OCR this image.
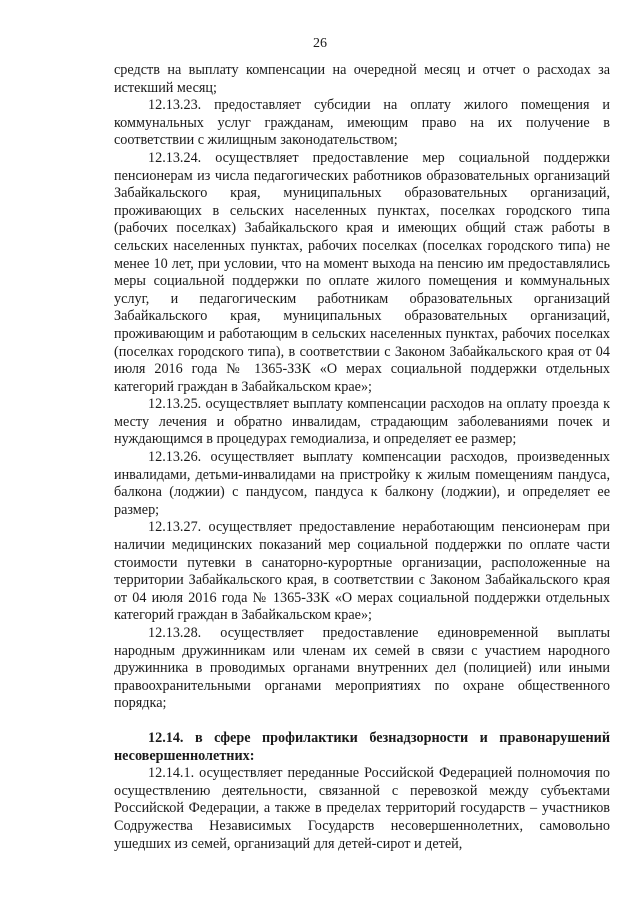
26

средств на выплату компенсации на очередной месяц и отчет о расходах за истекший месяц;

12.13.23. предоставляет субсидии на оплату жилого помещения и коммунальных услуг гражданам, имеющим право на их получение в соответствии с жилищным законодательством;

12.13.24. осуществляет предоставление мер социальной поддержки пенсионерам из числа педагогических работников образовательных организаций Забайкальского края, муниципальных образовательных организаций, проживающих в сельских населенных пунктах, поселках городского типа (рабочих поселках) Забайкальского края и имеющих общий стаж работы в сельских населенных пунктах, рабочих поселках (поселках городского типа) не менее 10 лет, при условии, что на момент выхода на пенсию им предоставлялись меры социальной поддержки по оплате жилого помещения и коммунальных услуг, и педагогическим работникам образовательных организаций Забайкальского края, муниципальных образовательных организаций, проживающим и работающим в сельских населенных пунктах, рабочих поселках (поселках городского типа), в соответствии с Законом Забайкальского края от 04 июля 2016 года № 1365-ЗЗК «О мерах социальной поддержки отдельных категорий граждан в Забайкальском крае»;

12.13.25. осуществляет выплату компенсации расходов на оплату проезда к месту лечения и обратно инвалидам, страдающим заболеваниями почек и нуждающимся в процедурах гемодиализа, и определяет ее размер;

12.13.26. осуществляет выплату компенсации расходов, произведенных инвалидами, детьми-инвалидами на пристройку к жилым помещениям пандуса, балкона (лоджии) с пандусом, пандуса к балкону (лоджии), и определяет ее размер;

12.13.27. осуществляет предоставление неработающим пенсионерам при наличии медицинских показаний мер социальной поддержки по оплате части стоимости путевки в санаторно-курортные организации, расположенные на территории Забайкальского края, в соответствии с Законом Забайкальского края от 04 июля 2016 года № 1365-ЗЗК «О мерах социальной поддержки отдельных категорий граждан в Забайкальском крае»;

12.13.28. осуществляет предоставление единовременной выплаты народным дружинникам или членам их семей в связи с участием народного дружинника в проводимых органами внутренних дел (полицией) или иными правоохранительными органами мероприятиях по охране общественного порядка;

12.14. в сфере профилактики безнадзорности и правонарушений несовершеннолетних:

12.14.1. осуществляет переданные Российской Федерацией полномочия по осуществлению деятельности, связанной с перевозкой между субъектами Российской Федерации, а также в пределах территорий государств – участников Содружества Независимых Государств несовершеннолетних, самовольно ушедших из семей, организаций для детей-сирот и детей,
